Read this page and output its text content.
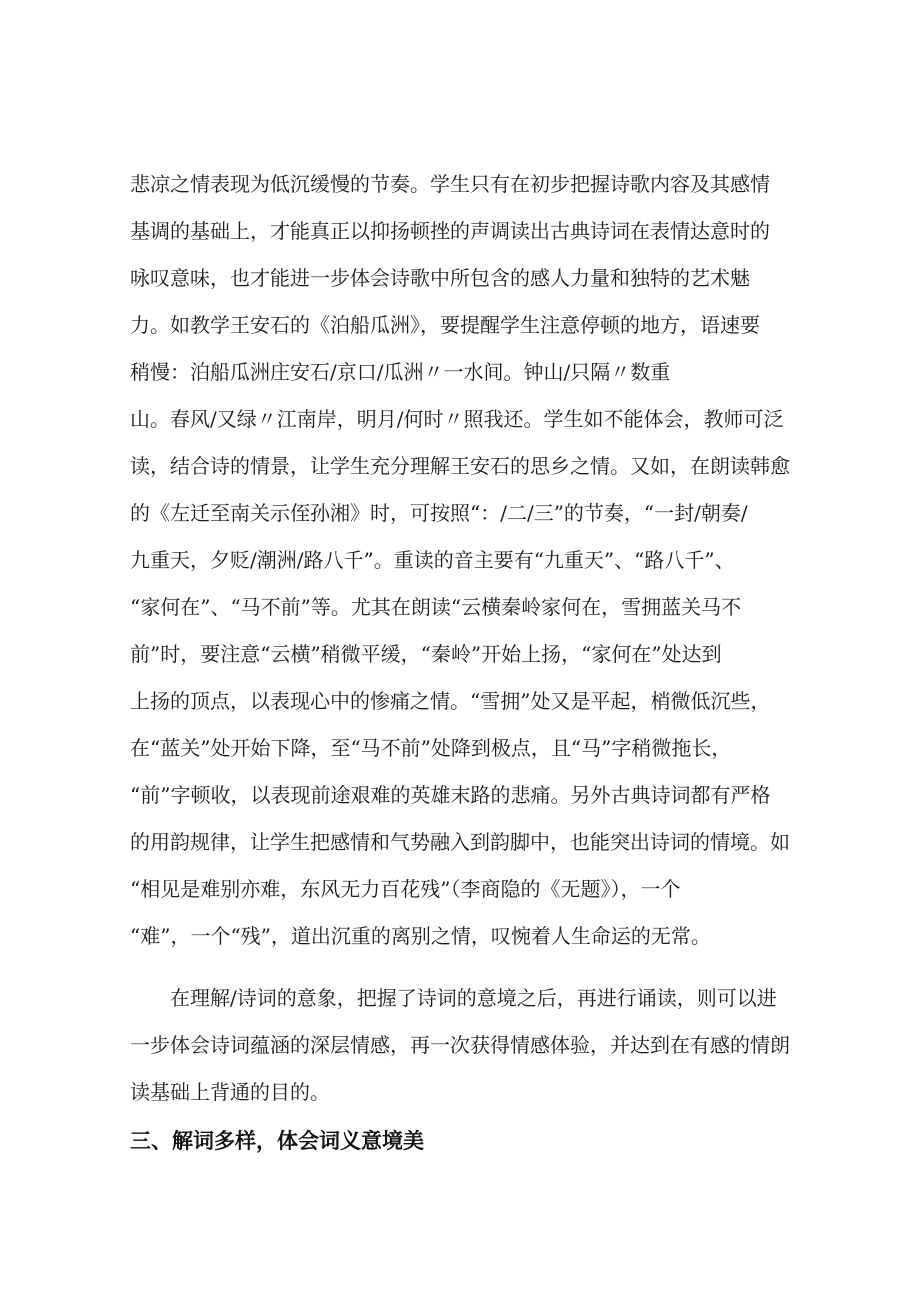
悲凉之情表现为低沉缓慢的节奏。学生只有在初步把握诗歌内容及其感情
基调的基础上，才能真正以抑扬顿挫的声调读出古典诗词在表情达意时的
咏叹意味，也才能进一步体会诗歌中所包含的感人力量和独特的艺术魅
力。如教学王安石的《泊船瓜洲》，要提醒学生注意停顿的地方，语速要
稍慢：泊船瓜洲庄安石/京口/瓜洲〃一水间。钟山/只隔〃数重
山。春风/又绿〃江南岸，明月/何时〃照我还。学生如不能体会，教师可泛
读，结合诗的情景，让学生充分理解王安石的思乡之情。又如，在朗读韩愈
的《左迁至南关示侄孙湘》时，可按照“：/二/三”的节奏，“一封/朝奏/
九重天，夕贬/潮洲/路八千”。重读的音主要有“九重天”、“路八千”、
“家何在”、“马不前”等。尤其在朗读“云横秦岭家何在，雪拥蓝关马不
前”时，要注意“云横”稍微平缓，“秦岭”开始上扬，“家何在”处达到
上扬的顶点，以表现心中的惨痛之情。“雪拥”处又是平起，梢微低沉些，
在“蓝关”处开始下降，至“马不前”处降到极点，且“马”字稍微拖长，
“前”字顿收，以表现前途艰难的英雄末路的悲痛。另外古典诗词都有严格
的用韵规律，让学生把感情和气势融入到韵脚中，也能突出诗词的情境。如
“相见是难别亦难，东风无力百花残”（李商隐的《无题》），一个
“难”，一个“残”，道出沉重的离别之情，叹惋着人生命运的无常。
在理解/诗词的意象，把握了诗词的意境之后，再进行诵读，则可以进
一步体会诗词蕴涵的深层情感，再一次获得情感体验，并达到在有感的情朗
读基础上背通的目的。
三、解词多样，体会词义意境美
